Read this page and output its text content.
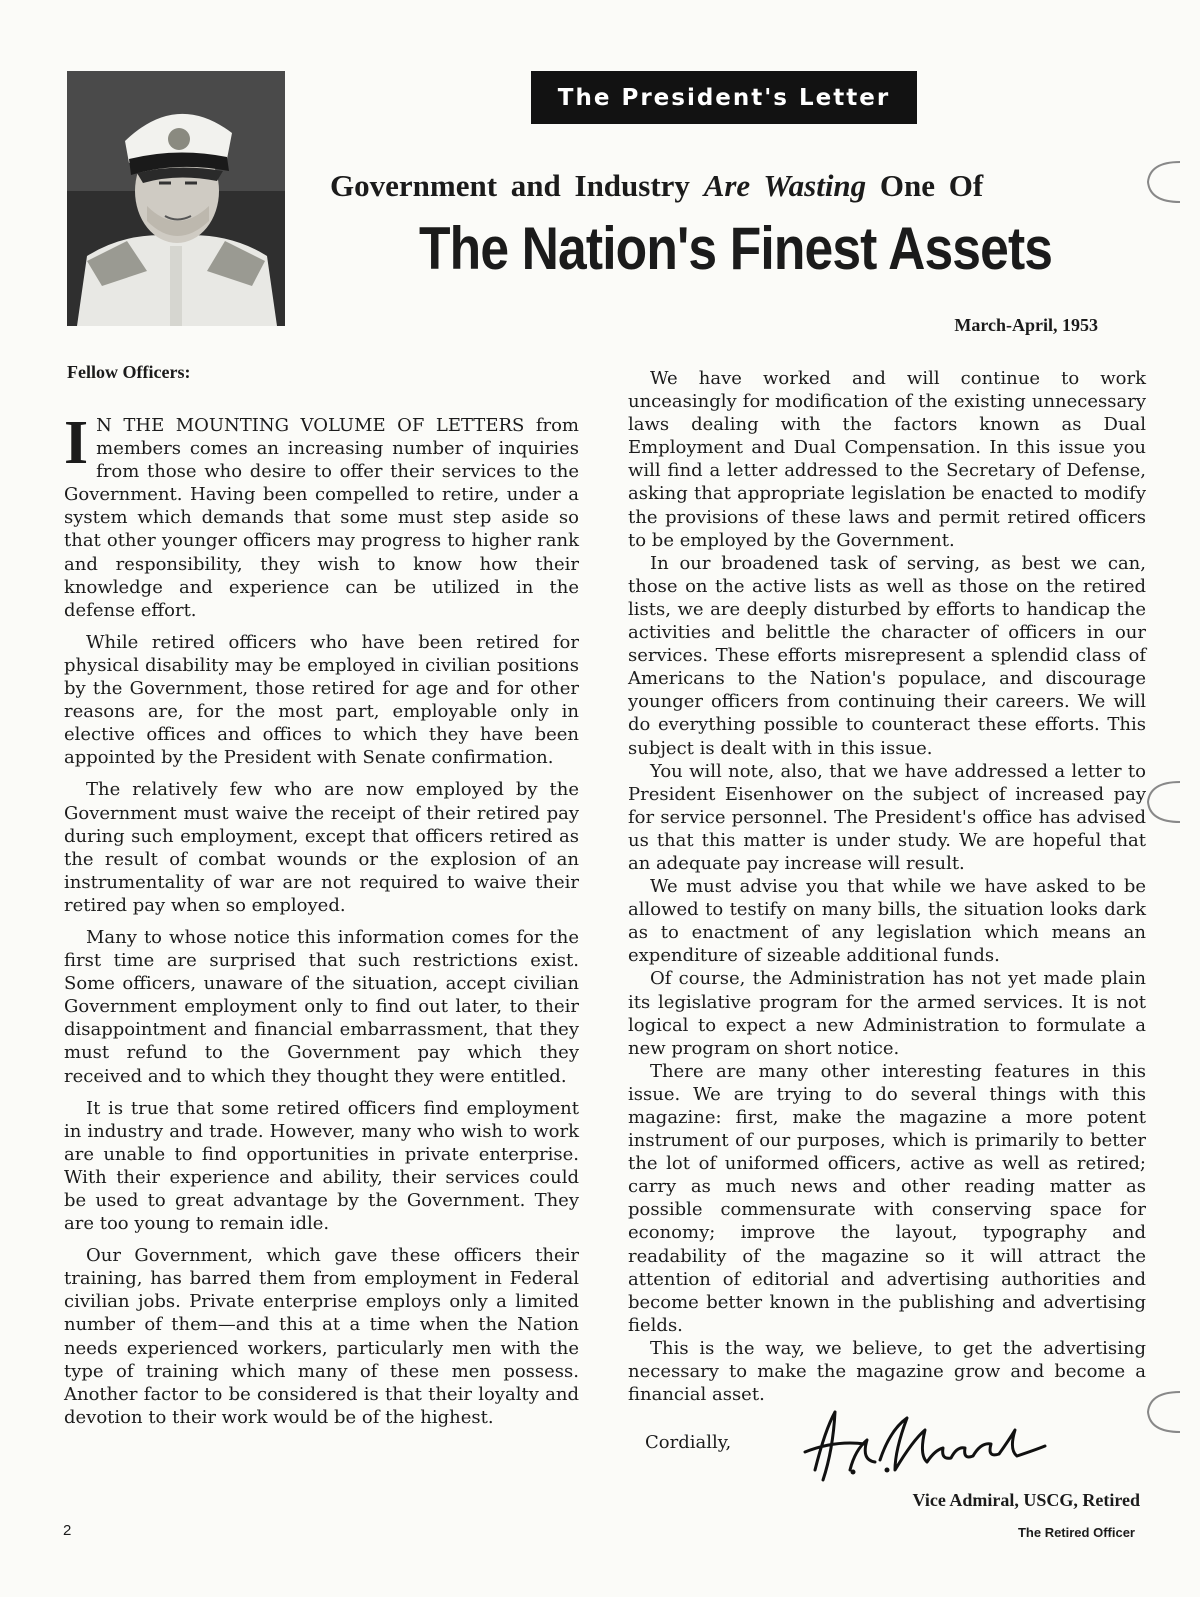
The President's Letter
Government and Industry Are Wasting One Of
The Nation's Finest Assets
March-April, 1953
Fellow Officers:

I N THE MOUNTING VOLUME OF LETTERS from members comes an increasing number of inquiries from those who desire to offer their services to the Government. Having been compelled to retire, under a system which demands that some must step aside so that other younger officers may progress to higher rank and responsibility, they wish to know how their knowledge and experience can be utilized in the defense effort.

While retired officers who have been retired for physical disability may be employed in civilian positions by the Government, those retired for age and for other reasons are, for the most part, employable only in elective offices and offices to which they have been appointed by the President with Senate confirmation.

The relatively few who are now employed by the Government must waive the receipt of their retired pay during such employment, except that officers retired as the result of combat wounds or the explosion of an instrumentality of war are not required to waive their retired pay when so employed.

Many to whose notice this information comes for the first time are surprised that such restrictions exist. Some officers, unaware of the situation, accept civilian Government employment only to find out later, to their disappointment and financial embarrassment, that they must refund to the Government pay which they received and to which they thought they were entitled.

It is true that some retired officers find employment in industry and trade. However, many who wish to work are unable to find opportunities in private enterprise. With their experience and ability, their services could be used to great advantage by the Government. They are too young to remain idle.

Our Government, which gave these officers their training, has barred them from employment in Federal civilian jobs. Private enterprise employs only a limited number of them—and this at a time when the Nation needs experienced workers, particularly men with the type of training which many of these men possess. Another factor to be considered is that their loyalty and devotion to their work would be of the highest.

We have worked and will continue to work unceasingly for modification of the existing unnecessary laws dealing with the factors known as Dual Employment and Dual Compensation. In this issue you will find a letter addressed to the Secretary of Defense, asking that appropriate legislation be enacted to modify the provisions of these laws and permit retired officers to be employed by the Government.

In our broadened task of serving, as best we can, those on the active lists as well as those on the retired lists, we are deeply disturbed by efforts to handicap the activities and belittle the character of officers in our services. These efforts misrepresent a splendid class of Americans to the Nation's populace, and discourage younger officers from continuing their careers. We will do everything possible to counteract these efforts. This subject is dealt with in this issue.

You will note, also, that we have addressed a letter to President Eisenhower on the subject of increased pay for service personnel. The President's office has advised us that this matter is under study. We are hopeful that an adequate pay increase will result.

We must advise you that while we have asked to be allowed to testify on many bills, the situation looks dark as to enactment of any legislation which means an expenditure of sizeable additional funds.

Of course, the Administration has not yet made plain its legislative program for the armed services. It is not logical to expect a new Administration to formulate a new program on short notice.

There are many other interesting features in this issue. We are trying to do several things with this magazine: first, make the magazine a more potent instrument of our purposes, which is primarily to better the lot of uniformed officers, active as well as retired; carry as much news and other reading matter as possible commensurate with conserving space for economy; improve the layout, typography and readability of the magazine so it will attract the attention of editorial and advertising authorities and become better known in the publishing and advertising fields.

This is the way, we believe, to get the advertising necessary to make the magazine grow and become a financial asset.

Cordially,
Vice Admiral, USCG, Retired
2	The Retired Officer
